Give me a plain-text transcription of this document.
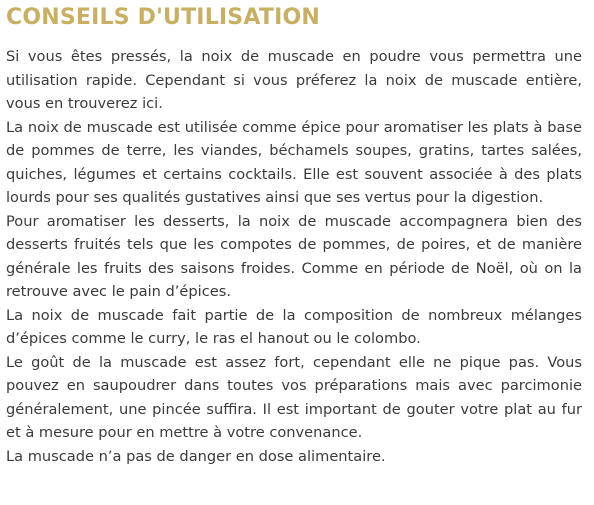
CONSEILS D'UTILISATION

Si vous êtes pressés, la noix de muscade en poudre vous permettra une utilisation rapide. Cependant si vous préferez la noix de muscade entière, vous en trouverez ici.

La noix de muscade est utilisée comme épice pour aromatiser les plats à base de pommes de terre, les viandes, béchamels soupes, gratins, tartes salées, quiches, légumes et certains cocktails. Elle est souvent associée à des plats lourds pour ses qualités gustatives ainsi que ses vertus pour la digestion.

Pour aromatiser les desserts, la noix de muscade accompagnera bien des desserts fruités tels que les compotes de pommes, de poires, et de manière générale les fruits des saisons froides. Comme en période de Noël, où on la retrouve avec le pain d’épices.

La noix de muscade fait partie de la composition de nombreux mélanges d’épices comme le curry, le ras el hanout ou le colombo.

Le goût de la muscade est assez fort, cependant elle ne pique pas. Vous pouvez en saupoudrer dans toutes vos préparations mais avec parcimonie généralement, une pincée suffira. Il est important de gouter votre plat au fur et à mesure pour en mettre à votre convenance.

La muscade n’a pas de danger en dose alimentaire.
